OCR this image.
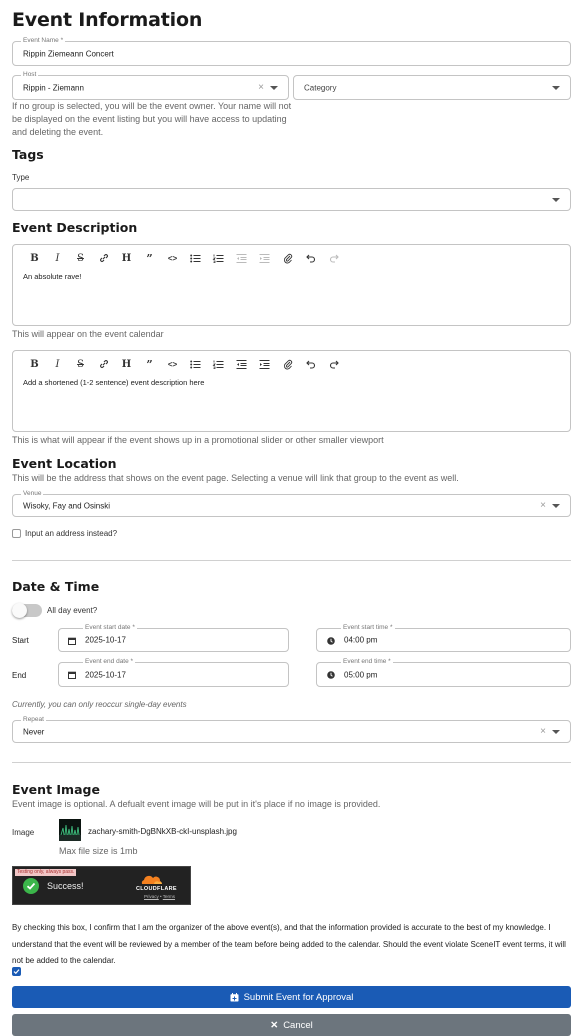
Event Information
Event Name *
Rippin Ziemeann Concert
Host
Rippin - Ziemann	×	Category
If no group is selected, you will be the event owner. Your name will not be displayed on the event listing but you will have access to updating and deleting the event.
Tags
Type
Event Description
B	I	S	H	”	<>
An absolute rave!
This will appear on the event calendar
B	I	S	H	”	<>
Add a shortened (1-2 sentence) event description here
This is what will appear if the event shows up in a promotional slider or other smaller viewport
Event Location
This will be the address that shows on the event page. Selecting a venue will link that group to the event as well.
Venue
Wisoky, Fay and Osinski	×
Input an address instead?
Date & Time
All day event?
Start
Event start date *
2025-10-17
Event start time *
04:00 pm
End
Event end date *
2025-10-17
Event end time *
05:00 pm
Currently, you can only reoccur single-day events
Repeat
Never	×
Event Image
Event image is optional. A defualt event image will be put in it's place if no image is provided.
Image	zachary-smith-DgBNkXB-ckI-unsplash.jpg
Max file size is 1mb
Testing only, always pass.
Success!	CLOUDFLARE
Privacy • Terms
By checking this box, I confirm that I am the organizer of the above event(s), and that the information provided is accurate to the best of my knowledge. I understand that the event will be reviewed by a member of the team before being added to the calendar. Should the event violate SceneIT event terms, it will not be added to the calendar.
Submit Event for Approval
✕ Cancel
